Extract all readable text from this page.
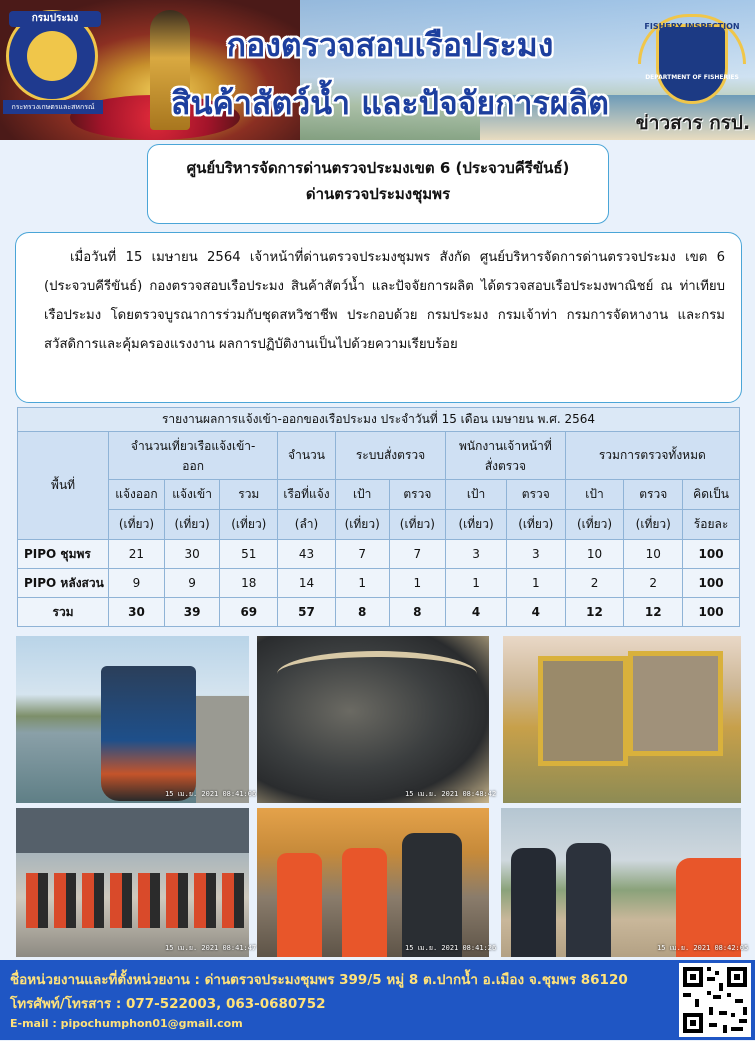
กรมประมง
กระทรวงเกษตรและสหกรณ์
กองตรวจสอบเรือประมง
สินค้าสัตว์น้ำ และปัจจัยการผลิต
FISHERY INSPECTION
DEPARTMENT OF FISHERIES
ข่าวสาร กรป.
ศูนย์บริหารจัดการด่านตรวจประมงเขต 6 (ประจวบคีรีขันธ์)
ด่านตรวจประมงชุมพร

เมื่อวันที่ 15 เมษายน 2564 เจ้าหน้าที่ด่านตรวจประมงชุมพร สังกัด ศูนย์บริหารจัดการด่านตรวจประมง เขต 6 (ประจวบคีรีขันธ์) กองตรวจสอบเรือประมง สินค้าสัตว์น้ำ และปัจจัยการผลิต ได้ตรวจสอบเรือประมงพาณิชย์ ณ ท่าเทียบเรือประมง โดยตรวจบูรณาการร่วมกับชุดสหวิชาชีพ ประกอบด้วย กรมประมง กรมเจ้าท่า กรมการจัดหางาน และกรมสวัสดิการและคุ้มครองแรงงาน ผลการปฏิบัติงานเป็นไปด้วยความเรียบร้อย

รายงานผลการแจ้งเข้า-ออกของเรือประมง ประจำวันที่ 15 เดือน เมษายน พ.ศ. 2564											
พื้นที่	จำนวนเที่ยวเรือแจ้งเข้า-ออก			จำนวน	ระบบสั่งตรวจ		พนักงานเจ้าหน้าที่สั่งตรวจ		รวมการตรวจทั้งหมด		
	แจ้งออก	แจ้งเข้า	รวม	เรือที่แจ้ง	เป้า	ตรวจ	เป้า	ตรวจ	เป้า	ตรวจ	คิดเป็น
	(เที่ยว)	(เที่ยว)	(เที่ยว)	(ลำ)	(เที่ยว)	(เที่ยว)	(เที่ยว)	(เที่ยว)	(เที่ยว)	(เที่ยว)	ร้อยละ
PIPO ชุมพร	21	30	51	43	7	7	3	3	10	10	100
PIPO หลังสวน	9	9	18	14	1	1	1	1	2	2	100
รวม	30	39	69	57	8	8	4	4	12	12	100
15 เม.ย. 2021 08:41:06	15 เม.ย. 2021 08:48:42
15 เม.ย. 2021 08:41:47	15 เม.ย. 2021 08:41:26	15 เม.ย. 2021 08:42:05
ชื่อหน่วยงานและที่ตั้งหน่วยงาน : ด่านตรวจประมงชุมพร 399/5 หมู่ 8 ต.ปากน้ำ อ.เมือง จ.ชุมพร 86120
โทรศัพท์/โทรสาร : 077-522003, 063-0680752
E-mail : pipochumphon01@gmail.com
